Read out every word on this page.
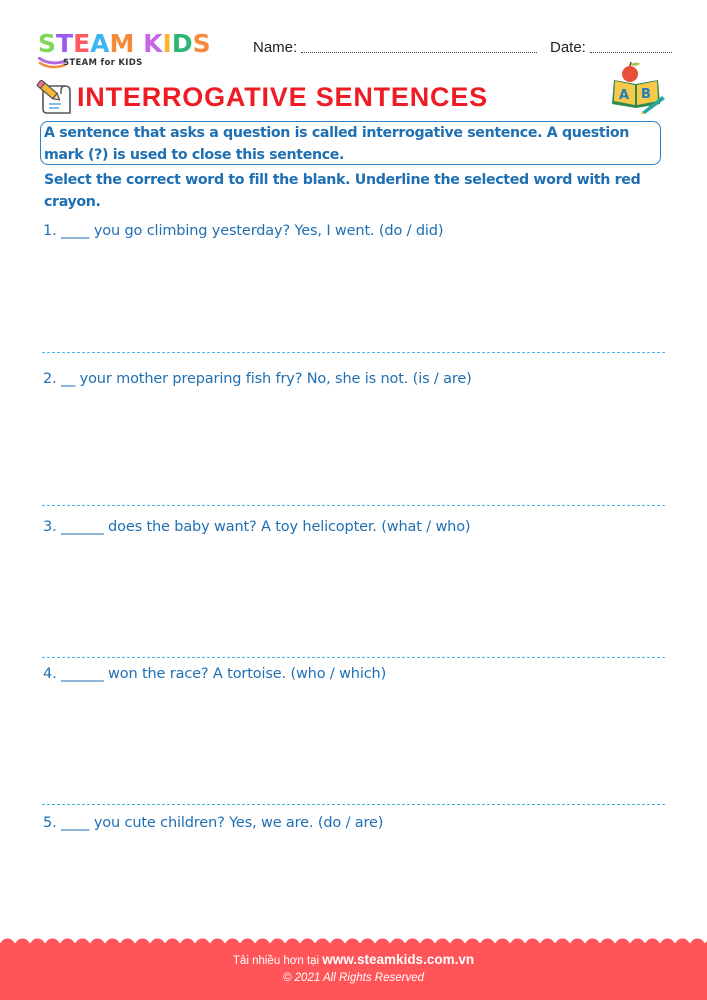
STEAM KIDS
STEAM for KIDS
Name:	Date:
INTERROGATIVE SENTENCES	A B
A sentence that asks a question is called interrogative sentence. A question mark (?) is used to close this sentence.
Select the correct word to fill the blank. Underline the selected word with red crayon.
1. ____ you go climbing yesterday? Yes, I went. (do / did)
2. __ your mother preparing fish fry? No, she is not. (is / are)
3. ______ does the baby want? A toy helicopter. (what / who)
4. ______ won the race? A tortoise. (who / which)
5. ____ you cute children? Yes, we are. (do / are)
Tải nhiều hơn tại www.steamkids.com.vn
© 2021 All Rights Reserved
